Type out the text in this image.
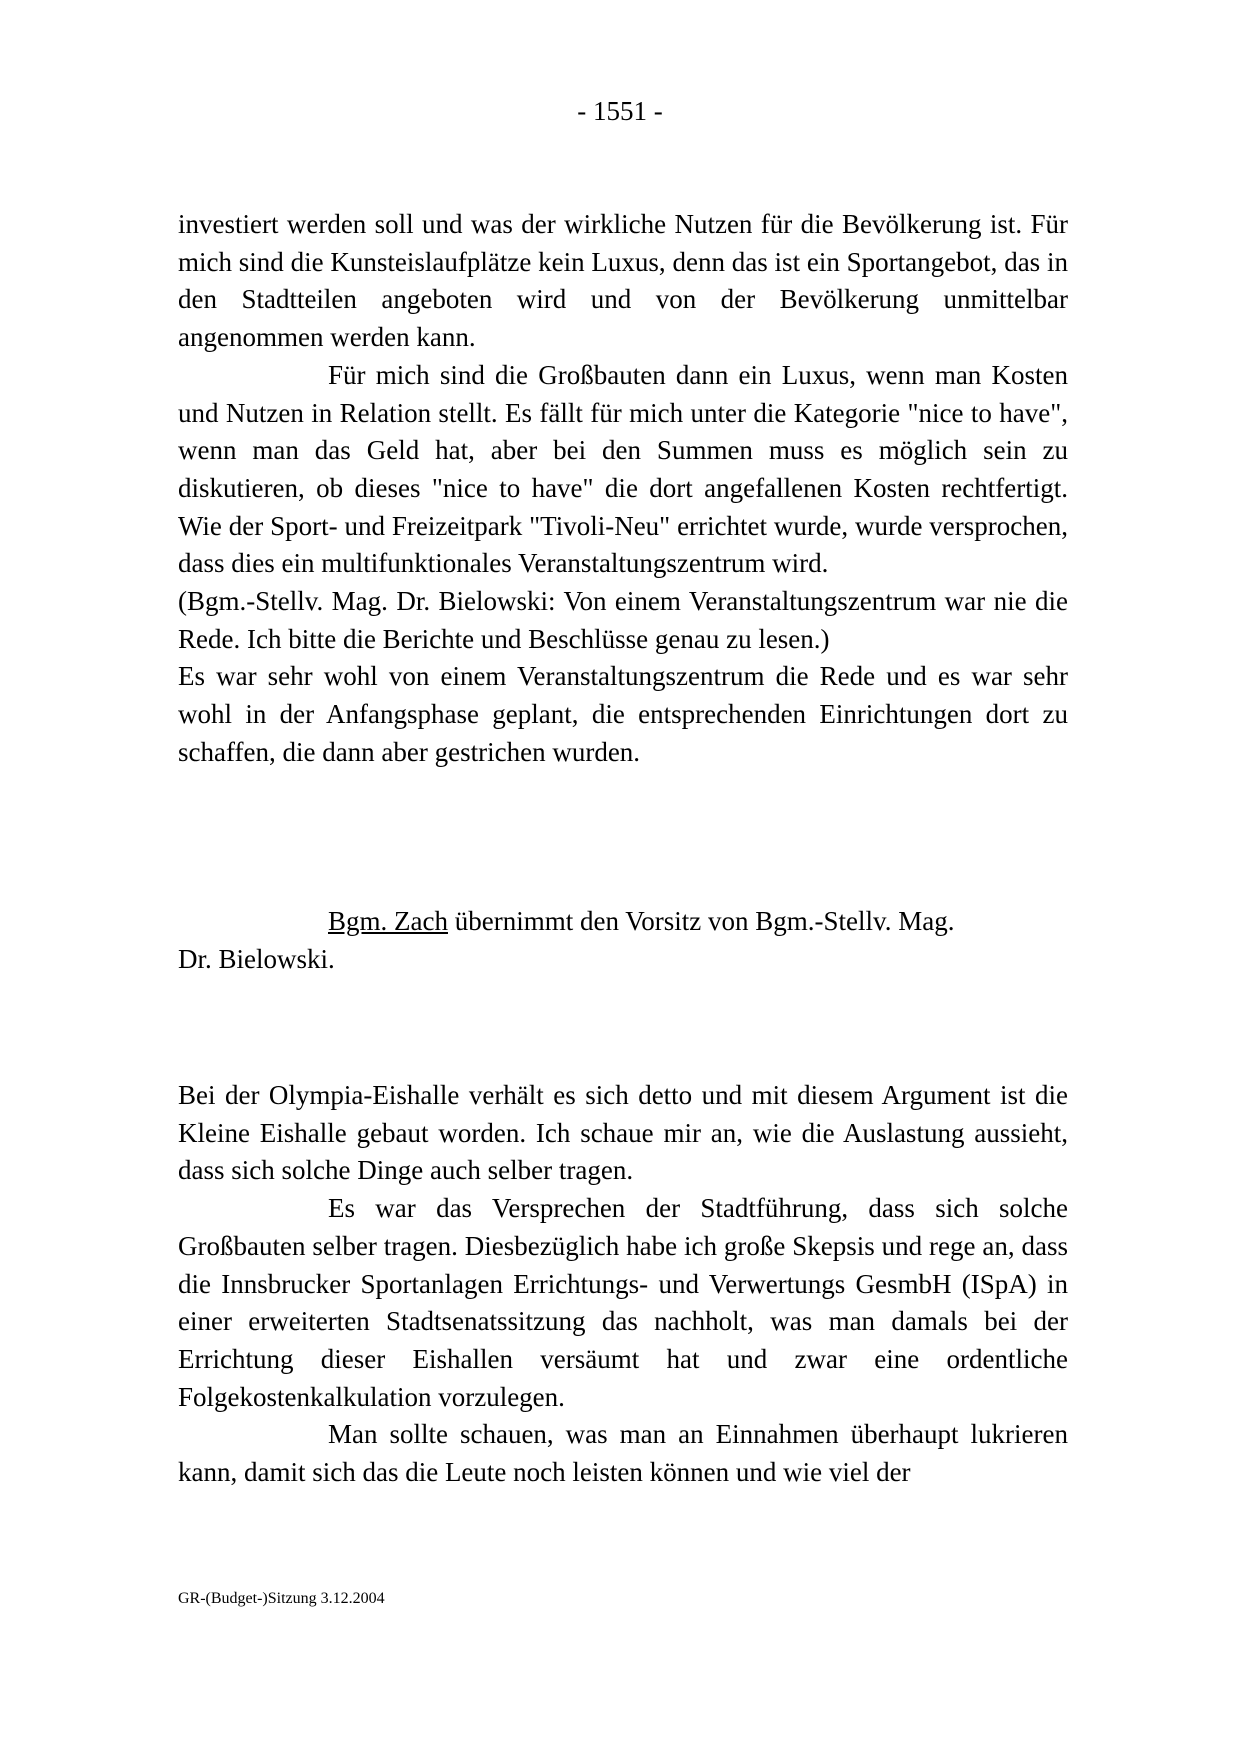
- 1551 -

investiert werden soll und was der wirkliche Nutzen für die Bevölkerung ist. Für mich sind die Kunsteislaufplätze kein Luxus, denn das ist ein Sportangebot, das in den Stadtteilen angeboten wird und von der Bevölkerung unmittelbar angenommen werden kann.

Für mich sind die Großbauten dann ein Luxus, wenn man Kosten und Nutzen in Relation stellt. Es fällt für mich unter die Kategorie "nice to have", wenn man das Geld hat, aber bei den Summen muss es möglich sein zu diskutieren, ob dieses "nice to have" die dort angefallenen Kosten rechtfertigt. Wie der Sport- und Freizeitpark "Tivoli-Neu" errichtet wurde, wurde versprochen, dass dies ein multifunktionales Veranstaltungszentrum wird.

(Bgm.-Stellv. Mag. Dr. Bielowski: Von einem Veranstaltungszentrum war nie die Rede. Ich bitte die Berichte und Beschlüsse genau zu lesen.)

Es war sehr wohl von einem Veranstaltungszentrum die Rede und es war sehr wohl in der Anfangsphase geplant, die entsprechenden Einrichtungen dort zu schaffen, die dann aber gestrichen wurden.

Bgm. Zach übernimmt den Vorsitz von Bgm.-Stellv. Mag.

Dr. Bielowski.

Bei der Olympia-Eishalle verhält es sich detto und mit diesem Argument ist die Kleine Eishalle gebaut worden. Ich schaue mir an, wie die Auslastung aussieht, dass sich solche Dinge auch selber tragen.

Es war das Versprechen der Stadtführung, dass sich solche Großbauten selber tragen. Diesbezüglich habe ich große Skepsis und rege an, dass die Innsbrucker Sportanlagen Errichtungs- und Verwertungs GesmbH (ISpA) in einer erweiterten Stadtsenatssitzung das nachholt, was man damals bei der Errichtung dieser Eishallen versäumt hat und zwar eine ordentliche Folgekostenkalkulation vorzulegen.

Man sollte schauen, was man an Einnahmen überhaupt lukrieren kann, damit sich das die Leute noch leisten können und wie viel der

GR-(Budget-)Sitzung 3.12.2004
